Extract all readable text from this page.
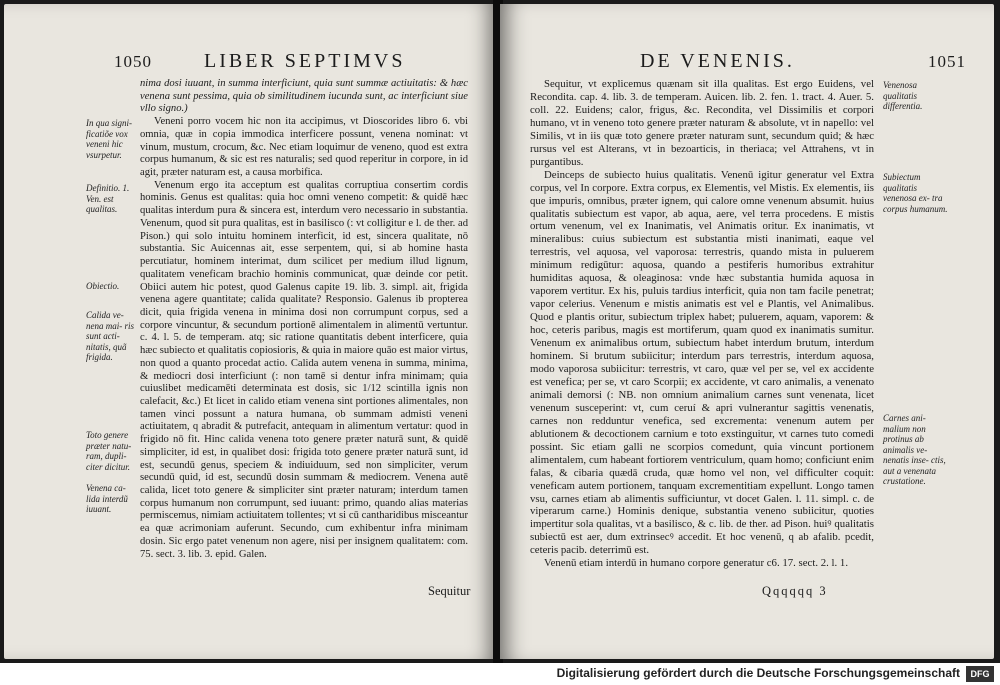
1050	LIBER SEPTIMVS
In qua signi- ficatiõe vox veneni hic vsurpetur.
Definitio. 1. Ven. est qualitas.
Obiectio.
Calida ve- nena mai- ris sunt acti- nitatis, quã frigida.
Toto genere præter natu- ram, dupli- citer dicitur.
Venena ca- lida interdũ iuuant.

nima dosi iuuant, in summa interficiunt, quia sunt summæ actiuitatis: & hæc venena sunt pessima, quia ob similitudinem iucunda sunt, ac interficiunt siue vllo signo.)

Veneni porro vocem hic non ita accipimus, vt Dioscorides libro 6. vbi omnia, quæ in copia immodica interficere possunt, venena nominat: vt vinum, mustum, crocum, &c. Nec etiam loquimur de veneno, quod est extra corpus humanum, & sic est res naturalis; sed quod reperitur in corpore, in id agit, præter naturam est, a causa morbifica.

Venenum ergo ita acceptum est qualitas corruptiua consertim cordis hominis. Genus est qualitas: quia hoc omni veneno competit: & quidē hæc qualitas interdum pura & sincera est, interdum vero necessario in substantia. Venenum, quod sit pura qualitas, est in basilisco (: vt colligitur e l. de ther. ad Pison.) qui solo intuitu hominem interficit, id est, sincera qualitate, nō substantia. Sic Auicennas ait, esse serpentem, qui, si ab homine hasta percutiatur, hominem interimat, dum scilicet per medium illud lignum, qualitatem veneficam brachio hominis communicat, quæ deinde cor petit. Obiici autem hic potest, quod Galenus capite 19. lib. 3. simpl. ait, frigida venena agere quantitate; calida qualitate? Responsio. Galenus ib propterea dicit, quia frigida venena in minima dosi non corrumpunt corpus, sed a corpore vincuntur, & secundum portionē alimentalem in alimentū vertuntur. c. 4. l. 5. de temperam. atq; sic ratione quantitatis debent interficere, quia hæc subiecto et qualitatis copiosioris, & quia in maiore quāo est maior virtus, non quod a quanto procedat actio. Calida autem venena in summa, minima, & mediocri dosi interficiunt (: non tamē si dentur infra minimam; quia cuiuslibet medicamēti determinata est dosis, sic 1/12 scintilla ignis non calefacit, &c.) Et licet in calido etiam venena sint portiones alimentales, non tamen vinci possunt a natura humana, ob summam admisti veneni actiuitatem, q abradit & putrefacit, antequam in alimentum vertatur: quod in frigido nō fit. Hinc calida venena toto genere præter naturā sunt, & quidē simpliciter, id est, in qualibet dosi: frigida toto genere præter naturā sunt, id est, secundū genus, speciem & indiuiduum, sed non simpliciter, verum secundū quid, id est, secundū dosin summam & mediocrem. Venena autē calida, licet toto genere & simpliciter sint præter naturam; interdum tamen corpus humanum non corrumpunt, sed iuuant: primo, quando alias materias permiscemus, nimiam actiuitatem tollentes; vt si cū cantharidibus misceantur ea quæ acrimoniam auferunt. Secundo, cum exhibentur infra minimam dosin. Sic ergo patet venenum non agere, nisi per insignem qualitatem: com. 75. sect. 3. lib. 3. epid. Galen.

Sequitur
DE VENENIS.	1051
Venenosa qualitatis differentia.
Subiectum qualitatis venenosa ex- tra corpus humanum.
Carnes ani- malium non protinus ab animalis ve- nenatis inse- ctis, aut a venenata crustatione.

Sequitur, vt explicemus quænam sit illa qualitas. Est ergo Euidens, vel Recondita. cap. 4. lib. 3. de temperam. Auicen. lib. 2. fen. 1. tract. 4. Auer. 5. coll. 22. Euidens; calor, frigus, &c. Recondita, vel Dissimilis et corpori humano, vt in veneno toto genere præter naturam & absolute, vt in napello: vel Similis, vt in iis quæ toto genere præter naturam sunt, secundum quid; & hæc rursus vel est Alterans, vt in bezoarticis, in theriaca; vel Attrahens, vt in purgantibus.

Deinceps de subiecto huius qualitatis. Venenū igitur generatur vel Extra corpus, vel In corpore. Extra corpus, ex Elementis, vel Mistis. Ex elementis, iis que impuris, omnibus, præter ignem, qui calore omne venenum absumit. huius qualitatis subiectum est vapor, ab aqua, aere, vel terra procedens. E mistis ortum venenum, vel ex Inanimatis, vel Animatis oritur. Ex inanimatis, vt mineralibus: cuius subiectum est substantia misti inanimati, eaque vel terrestris, vel aquosa, vel vaporosa: terrestris, quando mista in puluerem minimum redigūtur: aquosa, quando a pestiferis humoribus extrahitur humiditas aquosa, & oleaginosa: vnde hæc substantia humida aquosa in vaporem vertitur. Ex his, puluis tardius interficit, quia non tam facile penetrat; vapor celerius. Venenum e mistis animatis est vel e Plantis, vel Animalibus. Quod e plantis oritur, subiectum triplex habet; puluerem, aquam, vaporem: & hoc, ceteris paribus, magis est mortiferum, quam quod ex inanimatis sumitur. Venenum ex animalibus ortum, subiectum habet interdum brutum, interdum hominem. Si brutum subiicitur; interdum pars terrestris, interdum aquosa, modo vaporosa subiicitur: terrestris, vt caro, quæ vel per se, vel ex accidente est venefica; per se, vt caro Scorpii; ex accidente, vt caro animalis, a venenato animali demorsi (: NB. non omnium animalium carnes sunt venenata, licet venenum susceperint: vt, cum ceruí & apri vulnerantur sagittis venenatis, carnes non redduntur venefica, sed excrementa: venenum autem per ablutionem & decoctionem carnium e toto exstinguitur, vt carnes tuto comedi possint. Sic etiam galli ne scorpios comedunt, quia vincunt portionem alimentalem, cum habeant fortiorem ventriculum, quam homo; conficiunt enim falas, & cibaria quædā cruda, quæ homo vel non, vel difficulter coquit: veneficam autem portionem, tanquam excrementitiam expellunt. Longo tamen vsu, carnes etiam ab alimentis sufficiuntur, vt docet Galen. l. 11. simpl. c. de viperarum carne.) Hominis denique, substantia veneno subiicitur, quoties impertitur sola qualitas, vt a basilisco, & c. lib. de ther. ad Pison. huiꝰ qualitatis subiectū est aer, dum extrinsecꝰ accedit. Et hoc venenū, q ab afalib. pcedit, ceteris pacib. deterrimū est.

Venenū etiam interdū in humano corpore generatur c6. 17. sect. 2. l. 1.

Qqqqqq 3
Digitalisierung gefördert durch die Deutsche Forschungsgemeinschaft	DFG
